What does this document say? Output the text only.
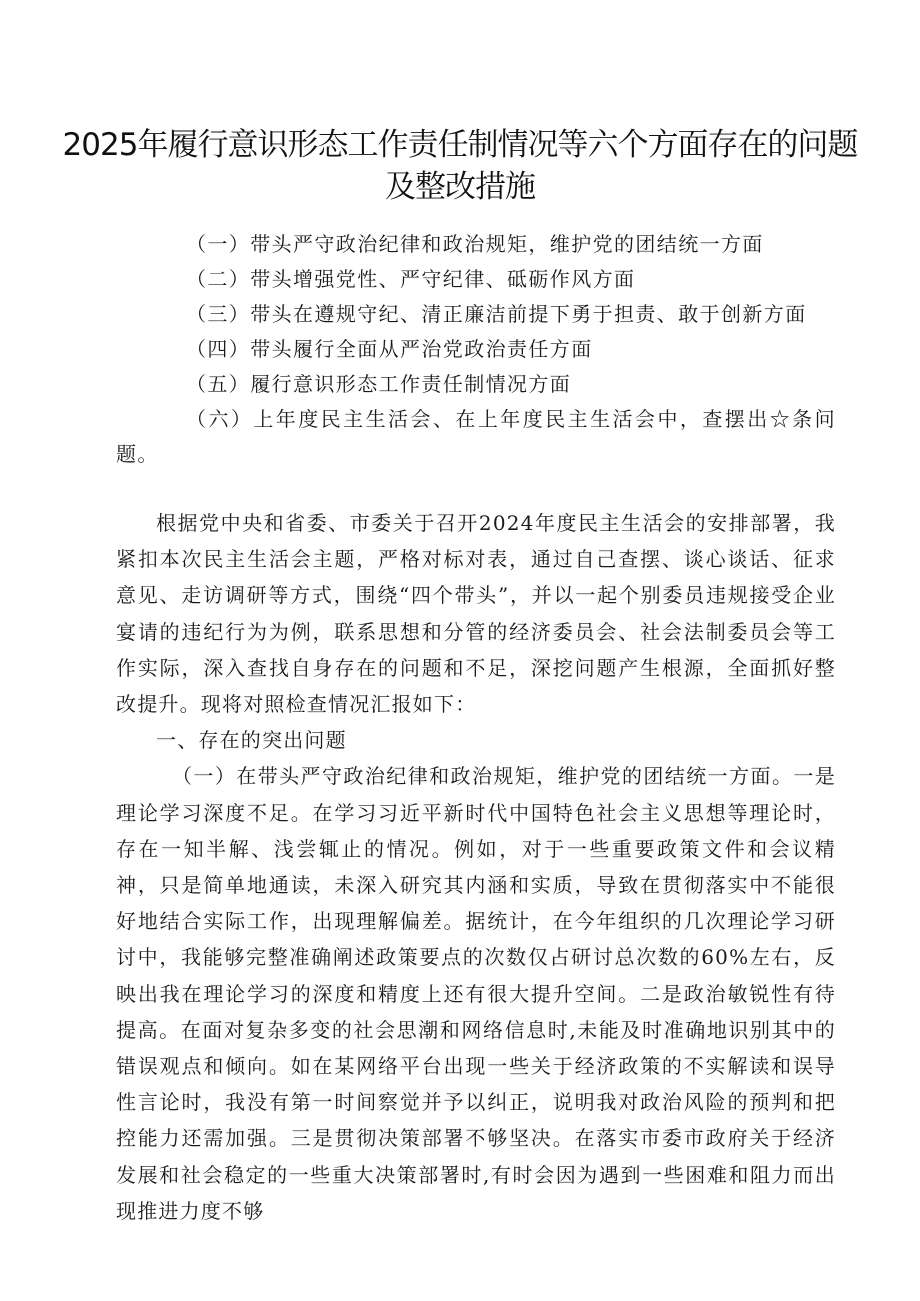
2025年履行意识形态工作责任制情况等六个方面存在的问题及整改措施

（一）带头严守政治纪律和政治规矩，维护党的团结统一方面

（二）带头增强党性、严守纪律、砥砺作风方面

（三）带头在遵规守纪、清正廉洁前提下勇于担责、敢于创新方面

（四）带头履行全面从严治党政治责任方面

（五）履行意识形态工作责任制情况方面

（六）上年度民主生活会、在上年度民主生活会中，查摆出☆条问题。

根据党中央和省委、市委关于召开2024年度民主生活会的安排部署，我紧扣本次民主生活会主题，严格对标对表，通过自己查摆、谈心谈话、征求意见、走访调研等方式，围绕“四个带头”，并以一起个别委员违规接受企业宴请的违纪行为为例，联系思想和分管的经济委员会、社会法制委员会等工作实际，深入查找自身存在的问题和不足，深挖问题产生根源，全面抓好整改提升。现将对照检查情况汇报如下：

一、存在的突出问题

（一）在带头严守政治纪律和政治规矩，维护党的团结统一方面。一是理论学习深度不足。在学习习近平新时代中国特色社会主义思想等理论时，存在一知半解、浅尝辄止的情况。例如，对于一些重要政策文件和会议精神，只是简单地通读，未深入研究其内涵和实质，导致在贯彻落实中不能很好地结合实际工作，出现理解偏差。据统计，在今年组织的几次理论学习研讨中，我能够完整准确阐述政策要点的次数仅占研讨总次数的60%左右，反映出我在理论学习的深度和精度上还有很大提升空间。二是政治敏锐性有待提高。在面对复杂多变的社会思潮和网络信息时,未能及时准确地识别其中的错误观点和倾向。如在某网络平台出现一些关于经济政策的不实解读和误导性言论时，我没有第一时间察觉并予以纠正，说明我对政治风险的预判和把控能力还需加强。三是贯彻决策部署不够坚决。在落实市委市政府关于经济发展和社会稳定的一些重大决策部署时,有时会因为遇到一些困难和阻力而出现推进力度不够
